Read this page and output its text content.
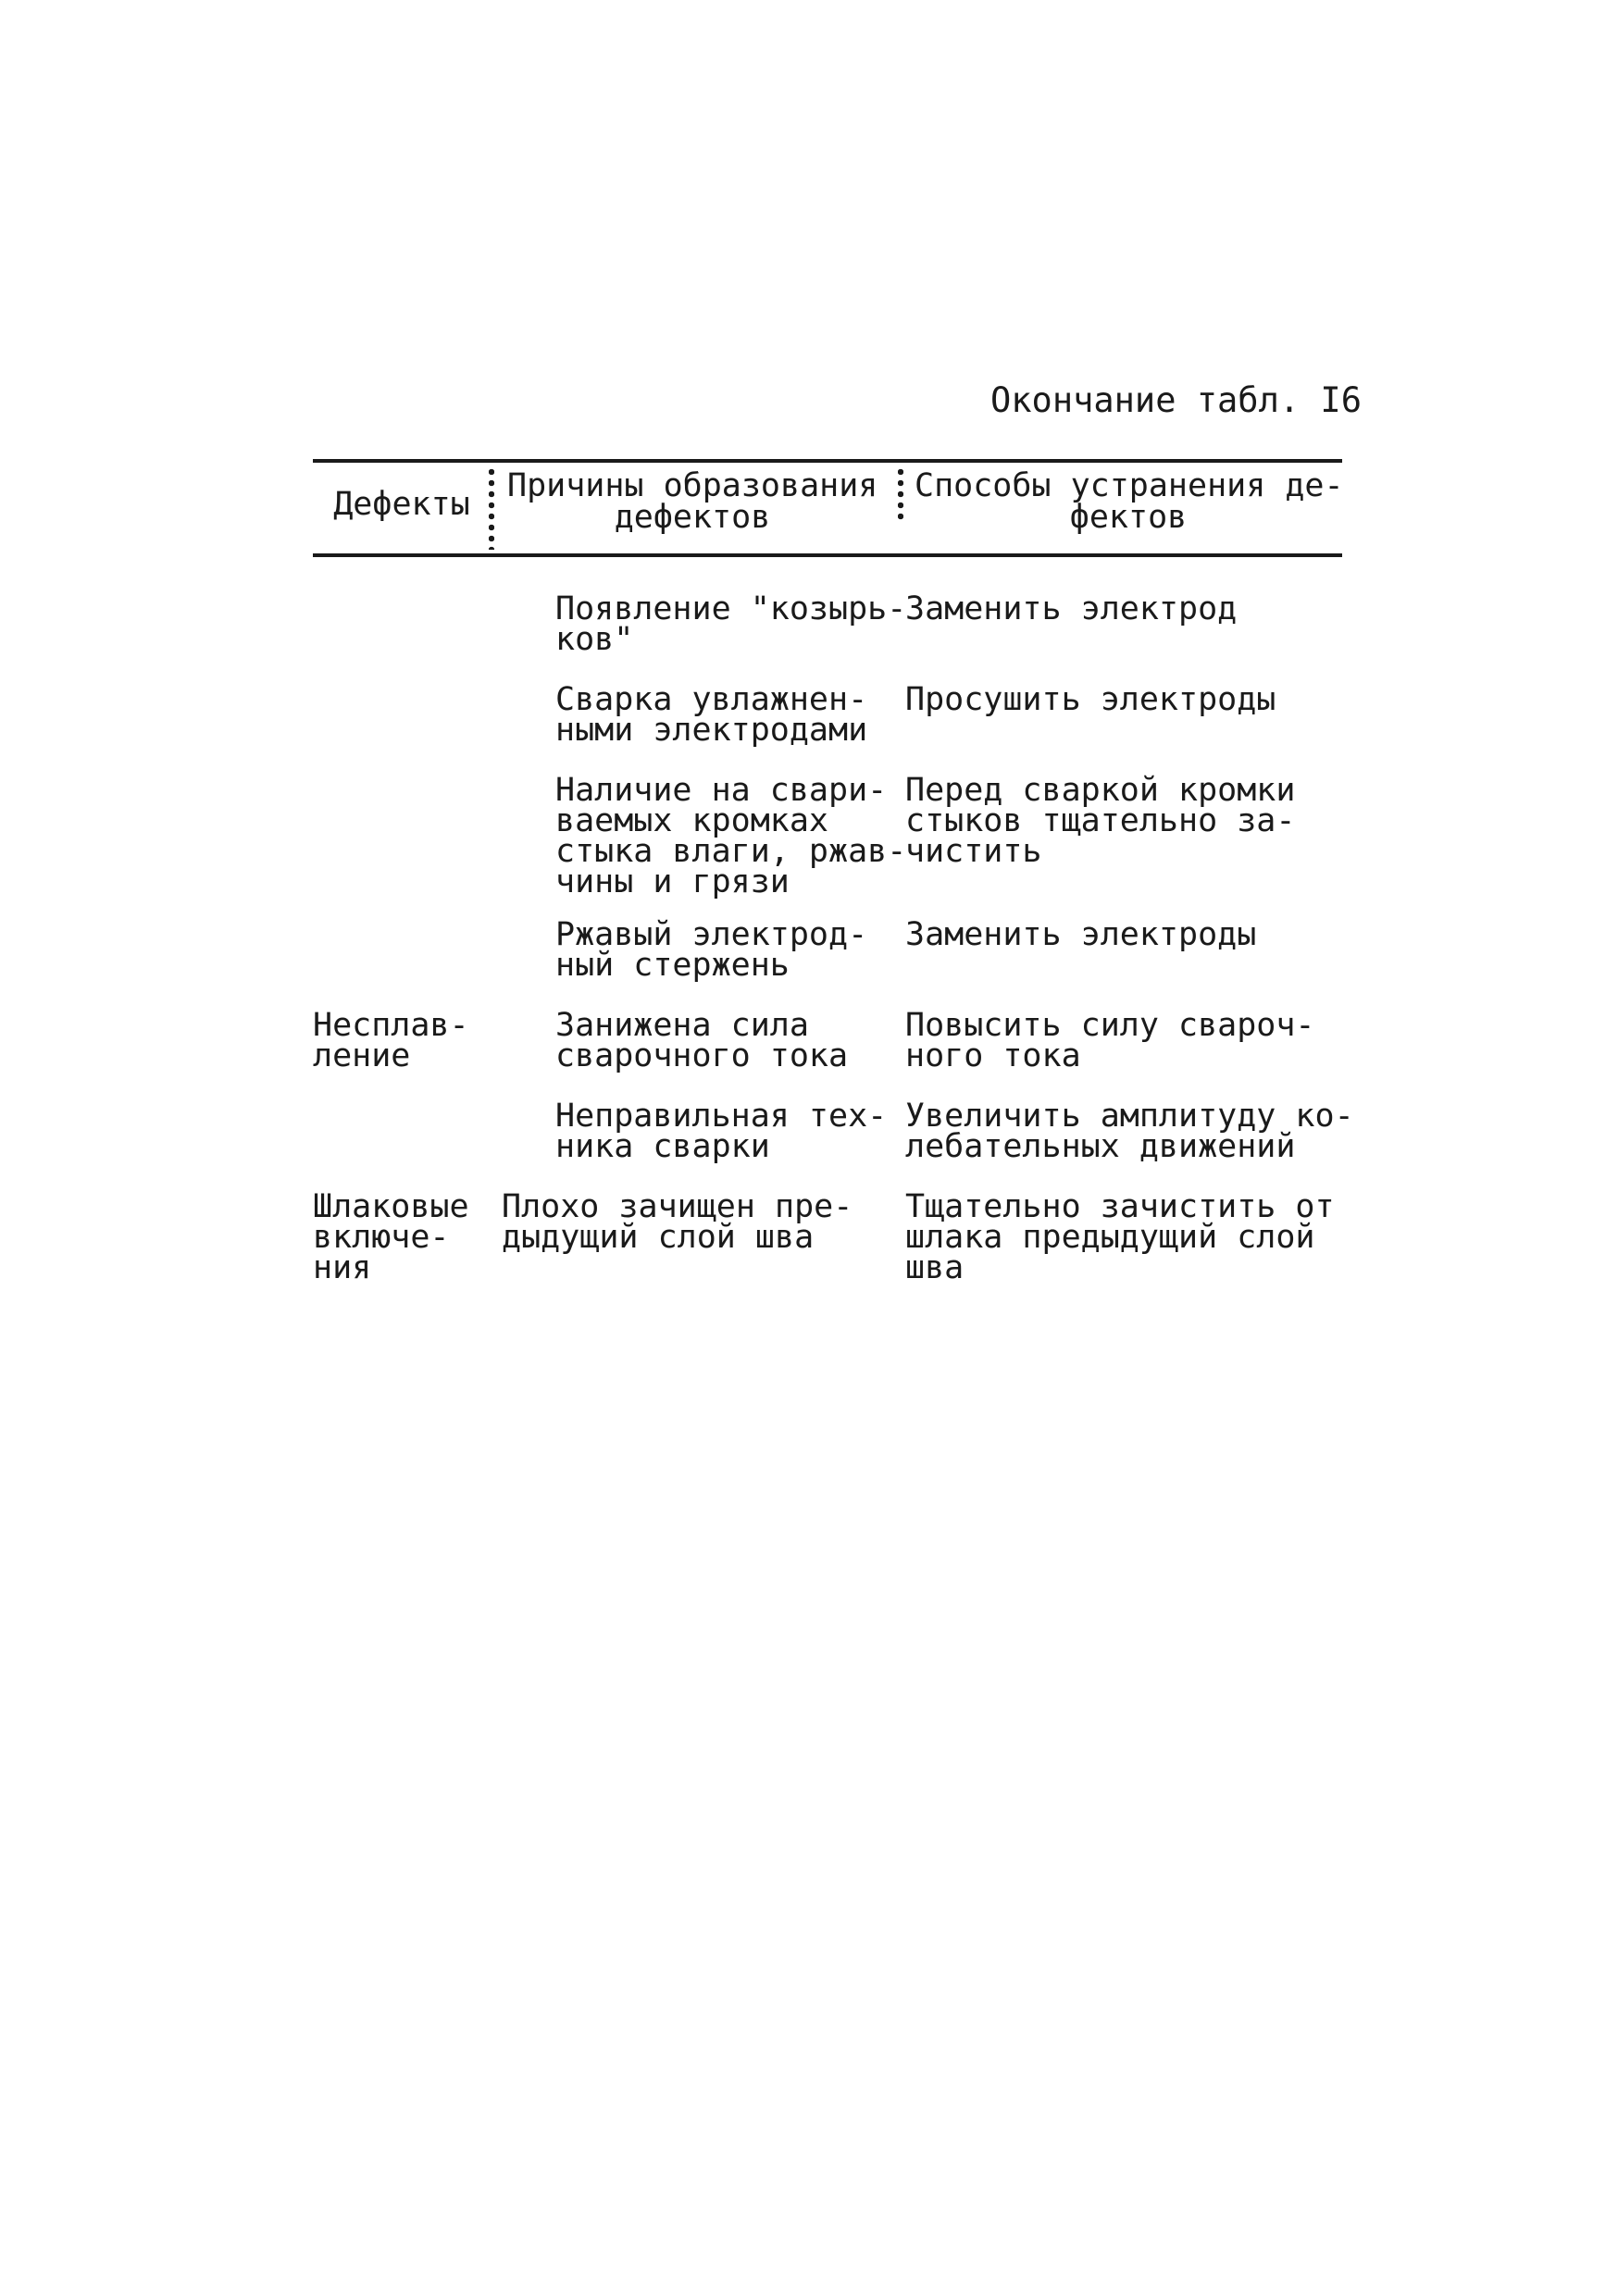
Окончание табл. I6
Дефекты Причины образования
дефектов
Способы устранения де-
фектов
Появление "козырь-
ков"
Заменить электрод
Сварка увлажнен-
ными электродами
Просушить электроды
Наличие на свари-
ваемых кромках
стыка влаги, ржав-
чины и грязи
Перед сваркой кромки
стыков тщательно за-
чистить
Ржавый электрод-
ный стержень
Заменить электроды
Несплав-
ление
Занижена сила
сварочного тока
Повысить силу свароч-
ного тока
Неправильная тех-
ника сварки
Увеличить амплитуду ко-
лебательных движений
Шлаковые
включе-
ния
Плохо зачищен пре-
дыдущий слой шва
Тщательно зачистить от
шлака предыдущий слой
шва
